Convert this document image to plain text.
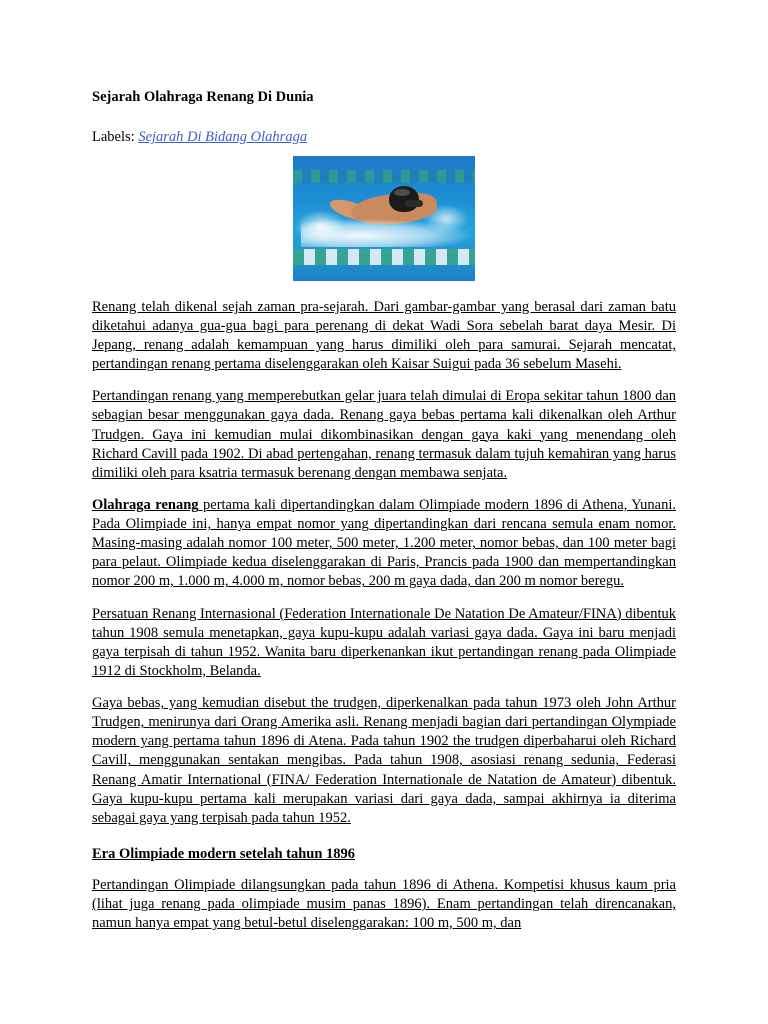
Sejarah Olahraga Renang Di Dunia
Labels: Sejarah Di Bidang Olahraga

Renang telah dikenal sejah zaman pra-sejarah. Dari gambar-gambar yang berasal dari zaman batu diketahui adanya gua-gua bagi para perenang di dekat Wadi Sora sebelah barat daya Mesir. Di Jepang, renang adalah kemampuan yang harus dimiliki oleh para samurai. Sejarah mencatat, pertandingan renang pertama diselenggarakan oleh Kaisar Suigui pada 36 sebelum Masehi.

Pertandingan renang yang memperebutkan gelar juara telah dimulai di Eropa sekitar tahun 1800 dan sebagian besar menggunakan gaya dada. Renang gaya bebas pertama kali dikenalkan oleh Arthur Trudgen. Gaya ini kemudian mulai dikombinasikan dengan gaya kaki yang menendang oleh Richard Cavill pada 1902. Di abad pertengahan, renang termasuk dalam tujuh kemahiran yang harus dimiliki oleh para ksatria termasuk berenang dengan membawa senjata.

Olahraga renang pertama kali dipertandingkan dalam Olimpiade modern 1896 di Athena, Yunani. Pada Olimpiade ini, hanya empat nomor yang dipertandingkan dari rencana semula enam nomor. Masing-masing adalah nomor 100 meter, 500 meter, 1.200 meter, nomor bebas, dan 100 meter bagi para pelaut. Olimpiade kedua diselenggarakan di Paris, Prancis pada 1900 dan mempertandingkan nomor 200 m, 1.000 m, 4.000 m, nomor bebas, 200 m gaya dada, dan 200 m nomor beregu.

Persatuan Renang Internasional (Federation Internationale De Natation De Amateur/FINA) dibentuk tahun 1908 semula menetapkan, gaya kupu-kupu adalah variasi gaya dada. Gaya ini baru menjadi gaya terpisah di tahun 1952. Wanita baru diperkenankan ikut pertandingan renang pada Olimpiade 1912 di Stockholm, Belanda.

Gaya bebas, yang kemudian disebut the trudgen, diperkenalkan pada tahun 1973 oleh John Arthur Trudgen, menirunya dari Orang Amerika asli. Renang menjadi bagian dari pertandingan Olympiade modern yang pertama tahun 1896 di Atena. Pada tahun 1902 the trudgen diperbaharui oleh Richard Cavill, menggunakan sentakan mengibas. Pada tahun 1908, asosiasi renang sedunia, Federasi Renang Amatir International (FINA/ Federation Internationale de Natation de Amateur) dibentuk. Gaya kupu-kupu pertama kali merupakan variasi dari gaya dada, sampai akhirnya ia diterima sebagai gaya yang terpisah pada tahun 1952.

Era Olimpiade modern setelah tahun 1896

Pertandingan Olimpiade dilangsungkan pada tahun 1896 di Athena. Kompetisi khusus kaum pria (lihat juga renang pada olimpiade musim panas 1896). Enam pertandingan telah direncanakan, namun hanya empat yang betul-betul diselenggarakan: 100 m, 500 m, dan
